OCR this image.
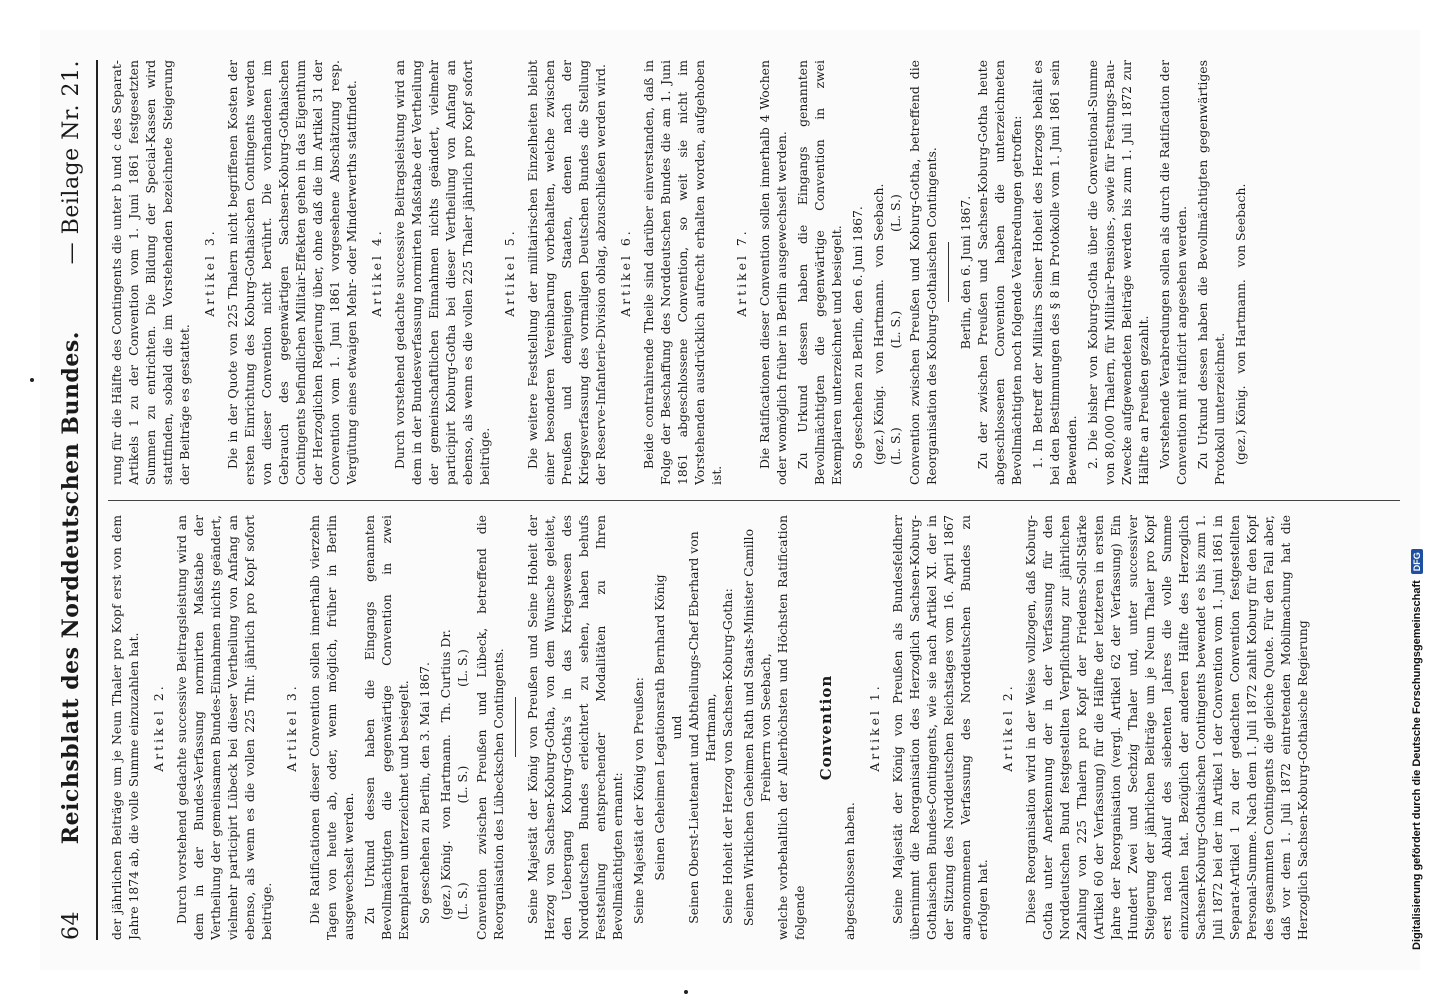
64
Reichsblatt des Norddeutschen Bundes.
— Beilage Nr. 21.

der jährlichen Beiträge um je Neun Thaler pro Kopf erst von dem Jahre 1874 ab, die volle Summe einzuzahlen hat. Artikel 2. Durch vorstehend gedachte successive Beitragsleistung wird an dem in der Bundes-Verfassung normirten Maßstabe der Vertheilung der gemeinsamen Bundes-Einnahmen nichts geändert, vielmehr participirt Lübeck bei dieser Vertheilung von Anfang an ebenso, als wenn es die vollen 225 Thlr. jährlich pro Kopf sofort beitrüge.

Artikel 3. Die Ratificationen dieser Convention sollen innerhalb vierzehn Tagen von heute ab, oder, wenn möglich, früher in Berlin ausgewechselt werden. Zu Urkund dessen haben die Eingangs genannten Bevollmächtigten die gegenwärtige Convention in zwei Exemplaren unterzeichnet und besiegelt. So geschehen zu Berlin, den 3. Mai 1867. (gez.) König.   von Hartmann.   Th. Curtius Dr.
(L. S.)                    (L. S.)                    (L. S.) Convention zwischen Preußen und Lübeck, betreffend die Reorganisation des Lübeckschen Contingents. Seine Majestät der König von Preußen und Seine Hoheit der Herzog von Sachsen-Koburg-Gotha, von dem Wunsche geleitet, den Uebergang Koburg-Gotha's in das Kriegswesen des Norddeutschen Bundes erleichtert zu sehen, haben behufs Feststellung entsprechender Modalitäten zu Ihren Bevollmächtigten ernannt: Seine Majestät der König von Preußen: Seinen Geheimen Legationsrath Bernhard König und Seinen Oberst-Lieutenant und Abtheilungs-Chef Eberhard von Hartmann, Seine Hoheit der Herzog von Sachsen-Koburg-Gotha: Seinen Wirklichen Geheimen Rath und Staats-Minister Camillo Freiherrn von Seebach, welche vorbehaltlich der Allerhöchsten und Höchsten Ratification folgende

Convention

abgeschlossen haben.

Artikel 1. Seine Majestät der König von Preußen als Bundesfeldherr übernimmt die Reorganisation des Herzoglich Sachsen-Koburg-Gothaischen Bundes-Contingents, wie sie nach Artikel XI. der in der Sitzung des Norddeutschen Reichstages vom 16. April 1867 angenommenen Verfassung des Norddeutschen Bundes zu erfolgen hat.

Artikel 2. Diese Reorganisation wird in der Weise vollzogen, daß Koburg-Gotha unter Anerkennung der in der Verfassung für den Norddeutschen Bund festgestellten Verpflichtung zur jährlichen Zahlung von 225 Thalern pro Kopf der Friedens-Soll-Stärke (Artikel 60 der Verfassung) für die Hälfte der letzteren in ersten Jahre der Reorganisation (vergl. Artikel 62 der Verfassung) Ein Hundert Zwei und Sechzig Thaler und, unter successiver Steigerung der jährlichen Beiträge um je Neun Thaler pro Kopf erst nach Ablauf des siebenten Jahres die volle Summe einzuzahlen hat. Bezüglich der anderen Hälfte des Herzoglich Sachsen-Koburg-Gothaischen Contingents bewendet es bis zum 1. Juli 1872 bei der im Artikel 1 der Convention vom 1. Juni 1861 in Separat-Artikel 1 zu der gedachten Convention festgestellten Personal-Summe. Nach dem 1. Juli 1872 zahlt Koburg für den Kopf des gesammten Contingents die gleiche Quote. Für den Fall aber, daß vor dem 1. Juli 1872 eintretenden Mobilmachung hat die Herzoglich Sachsen-Koburg-Gothaische Regierung

rung für die Hälfte des Contingents die unter b und c des Separat-Artikels 1 zu der Convention vom 1. Juni 1861 festgesetzten Summen zu entrichten. Die Bildung der Special-Kassen wird stattfinden, sobald die im Vorstehenden bezeichnete Steigerung der Beiträge es gestattet.

Artikel 3. Die in der Quote von 225 Thalern nicht begriffenen Kosten der ersten Einrichtung des Koburg-Gothaischen Contingents werden von dieser Convention nicht berührt. Die vorhandenen im Gebrauch des gegenwärtigen Sachsen-Koburg-Gothaischen Contingents befindlichen Militair-Effekten gehen in das Eigenthum der Herzoglichen Regierung über, ohne daß die im Artikel 31 der Convention vom 1. Juni 1861 vorgesehene Abschätzung resp. Vergütung eines etwaigen Mehr- oder Minderwerths stattfindet. Artikel 4. Durch vorstehend gedachte successive Beitragsleistung wird an dem in der Bundesverfassung normirten Maßstabe der Vertheilung der gemeinschaftlichen Einnahmen nichts geändert, vielmehr participirt Koburg-Gotha bei dieser Vertheilung von Anfang an ebenso, als wenn es die vollen 225 Thaler jährlich pro Kopf sofort beitrüge.

Artikel 5. Die weitere Feststellung der militairischen Einzelheiten bleibt einer besonderen Vereinbarung vorbehalten, welche zwischen Preußen und demjenigen Staaten, denen nach der Kriegsverfassung des vormaligen Deutschen Bundes die Stellung der Reserve-Infanterie-Division oblag, abzuschließen werden wird. Artikel 6. Beide contrahirende Theile sind darüber einverstanden, daß in Folge der Beschaffung des Norddeutschen Bundes die am 1. Juni 1861 abgeschlossene Convention, so weit sie nicht im Vorstehenden ausdrücklich aufrecht erhalten worden, aufgehoben ist.

Artikel 7. Die Ratificationen dieser Convention sollen innerhalb 4 Wochen oder womöglich früher in Berlin ausgewechselt werden. Zu Urkund dessen haben die Eingangs genannten Bevollmächtigten die gegenwärtige Convention in zwei Exemplaren unterzeichnet und besiegelt. So geschehen zu Berlin, den 6. Juni 1867. (gez.) König.   von Hartmann.   von Seebach.
(L. S.)                    (L. S.)                    (L. S.) Convention zwischen Preußen und Koburg-Gotha, betreffend die Reorganisation des Koburg-Gothaischen Contingents. Berlin, den 6. Juni 1867. Zu der zwischen Preußen und Sachsen-Koburg-Gotha heute abgeschlossenen Convention haben die unterzeichneten Bevollmächtigten noch folgende Verabredungen getroffen: 1. In Betreff der Militairs Seiner Hoheit des Herzogs behält es bei den Bestimmungen des § 8 im Protokolle vom 1. Juni 1861 sein Bewenden. 2. Die bisher von Koburg-Gotha über die Conventional-Summe von 80,000 Thalern, für Militair-Pensions-, sowie für Festungs-Bau-Zwecke aufgewendeten Beiträge werden bis zum 1. Juli 1872 zur Hälfte an Preußen gezahlt. Vorstehende Verabredungen sollen als durch die Ratification der Convention mit ratificirt angesehen werden. Zu Urkund dessen haben die Bevollmächtigten gegenwärtiges Protokoll unterzeichnet. (gez.) König.   von Hartmann.   von Seebach.
Digitalisierung gefördert durch die Deutsche Forschungsgemeinschaft
DFG
